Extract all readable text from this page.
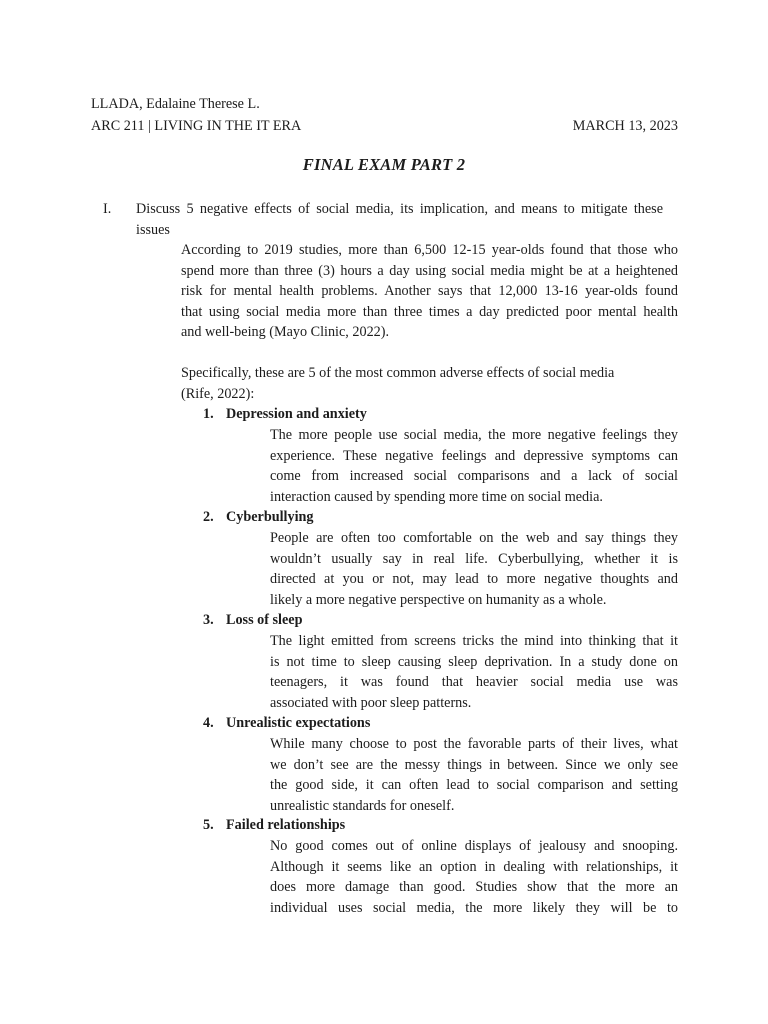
LLADA, Edalaine Therese L.
ARC 211 | LIVING IN THE IT ERA	MARCH 13, 2023
FINAL EXAM PART 2
I. Discuss 5 negative effects of social media, its implication, and means to mitigate these
issues
According to 2019 studies, more than 6,500 12-15 year-olds found that those who
spend more than three (3) hours a day using social media might be at a heightened
risk for mental health problems. Another says that 12,000 13-16 year-olds found
that using social media more than three times a day predicted poor mental health
and well-being (Mayo Clinic, 2022).
Specifically, these are 5 of the most common adverse effects of social media
(Rife, 2022):
1. Depression and anxiety
The more people use social media, the more negative feelings they
experience. These negative feelings and depressive symptoms can
come from increased social comparisons and a lack of social
interaction caused by spending more time on social media.
2. Cyberbullying
People are often too comfortable on the web and say things they
wouldn’t usually say in real life. Cyberbullying, whether it is
directed at you or not, may lead to more negative thoughts and
likely a more negative perspective on humanity as a whole.
3. Loss of sleep
The light emitted from screens tricks the mind into thinking that it
is not time to sleep causing sleep deprivation. In a study done on
teenagers, it was found that heavier social media use was
associated with poor sleep patterns.
4. Unrealistic expectations
While many choose to post the favorable parts of their lives, what
we don’t see are the messy things in between. Since we only see
the good side, it can often lead to social comparison and setting
unrealistic standards for oneself.
5. Failed relationships
No good comes out of online displays of jealousy and snooping.
Although it seems like an option in dealing with relationships, it
does more damage than good. Studies show that the more an
individual uses social media, the more likely they will be to
